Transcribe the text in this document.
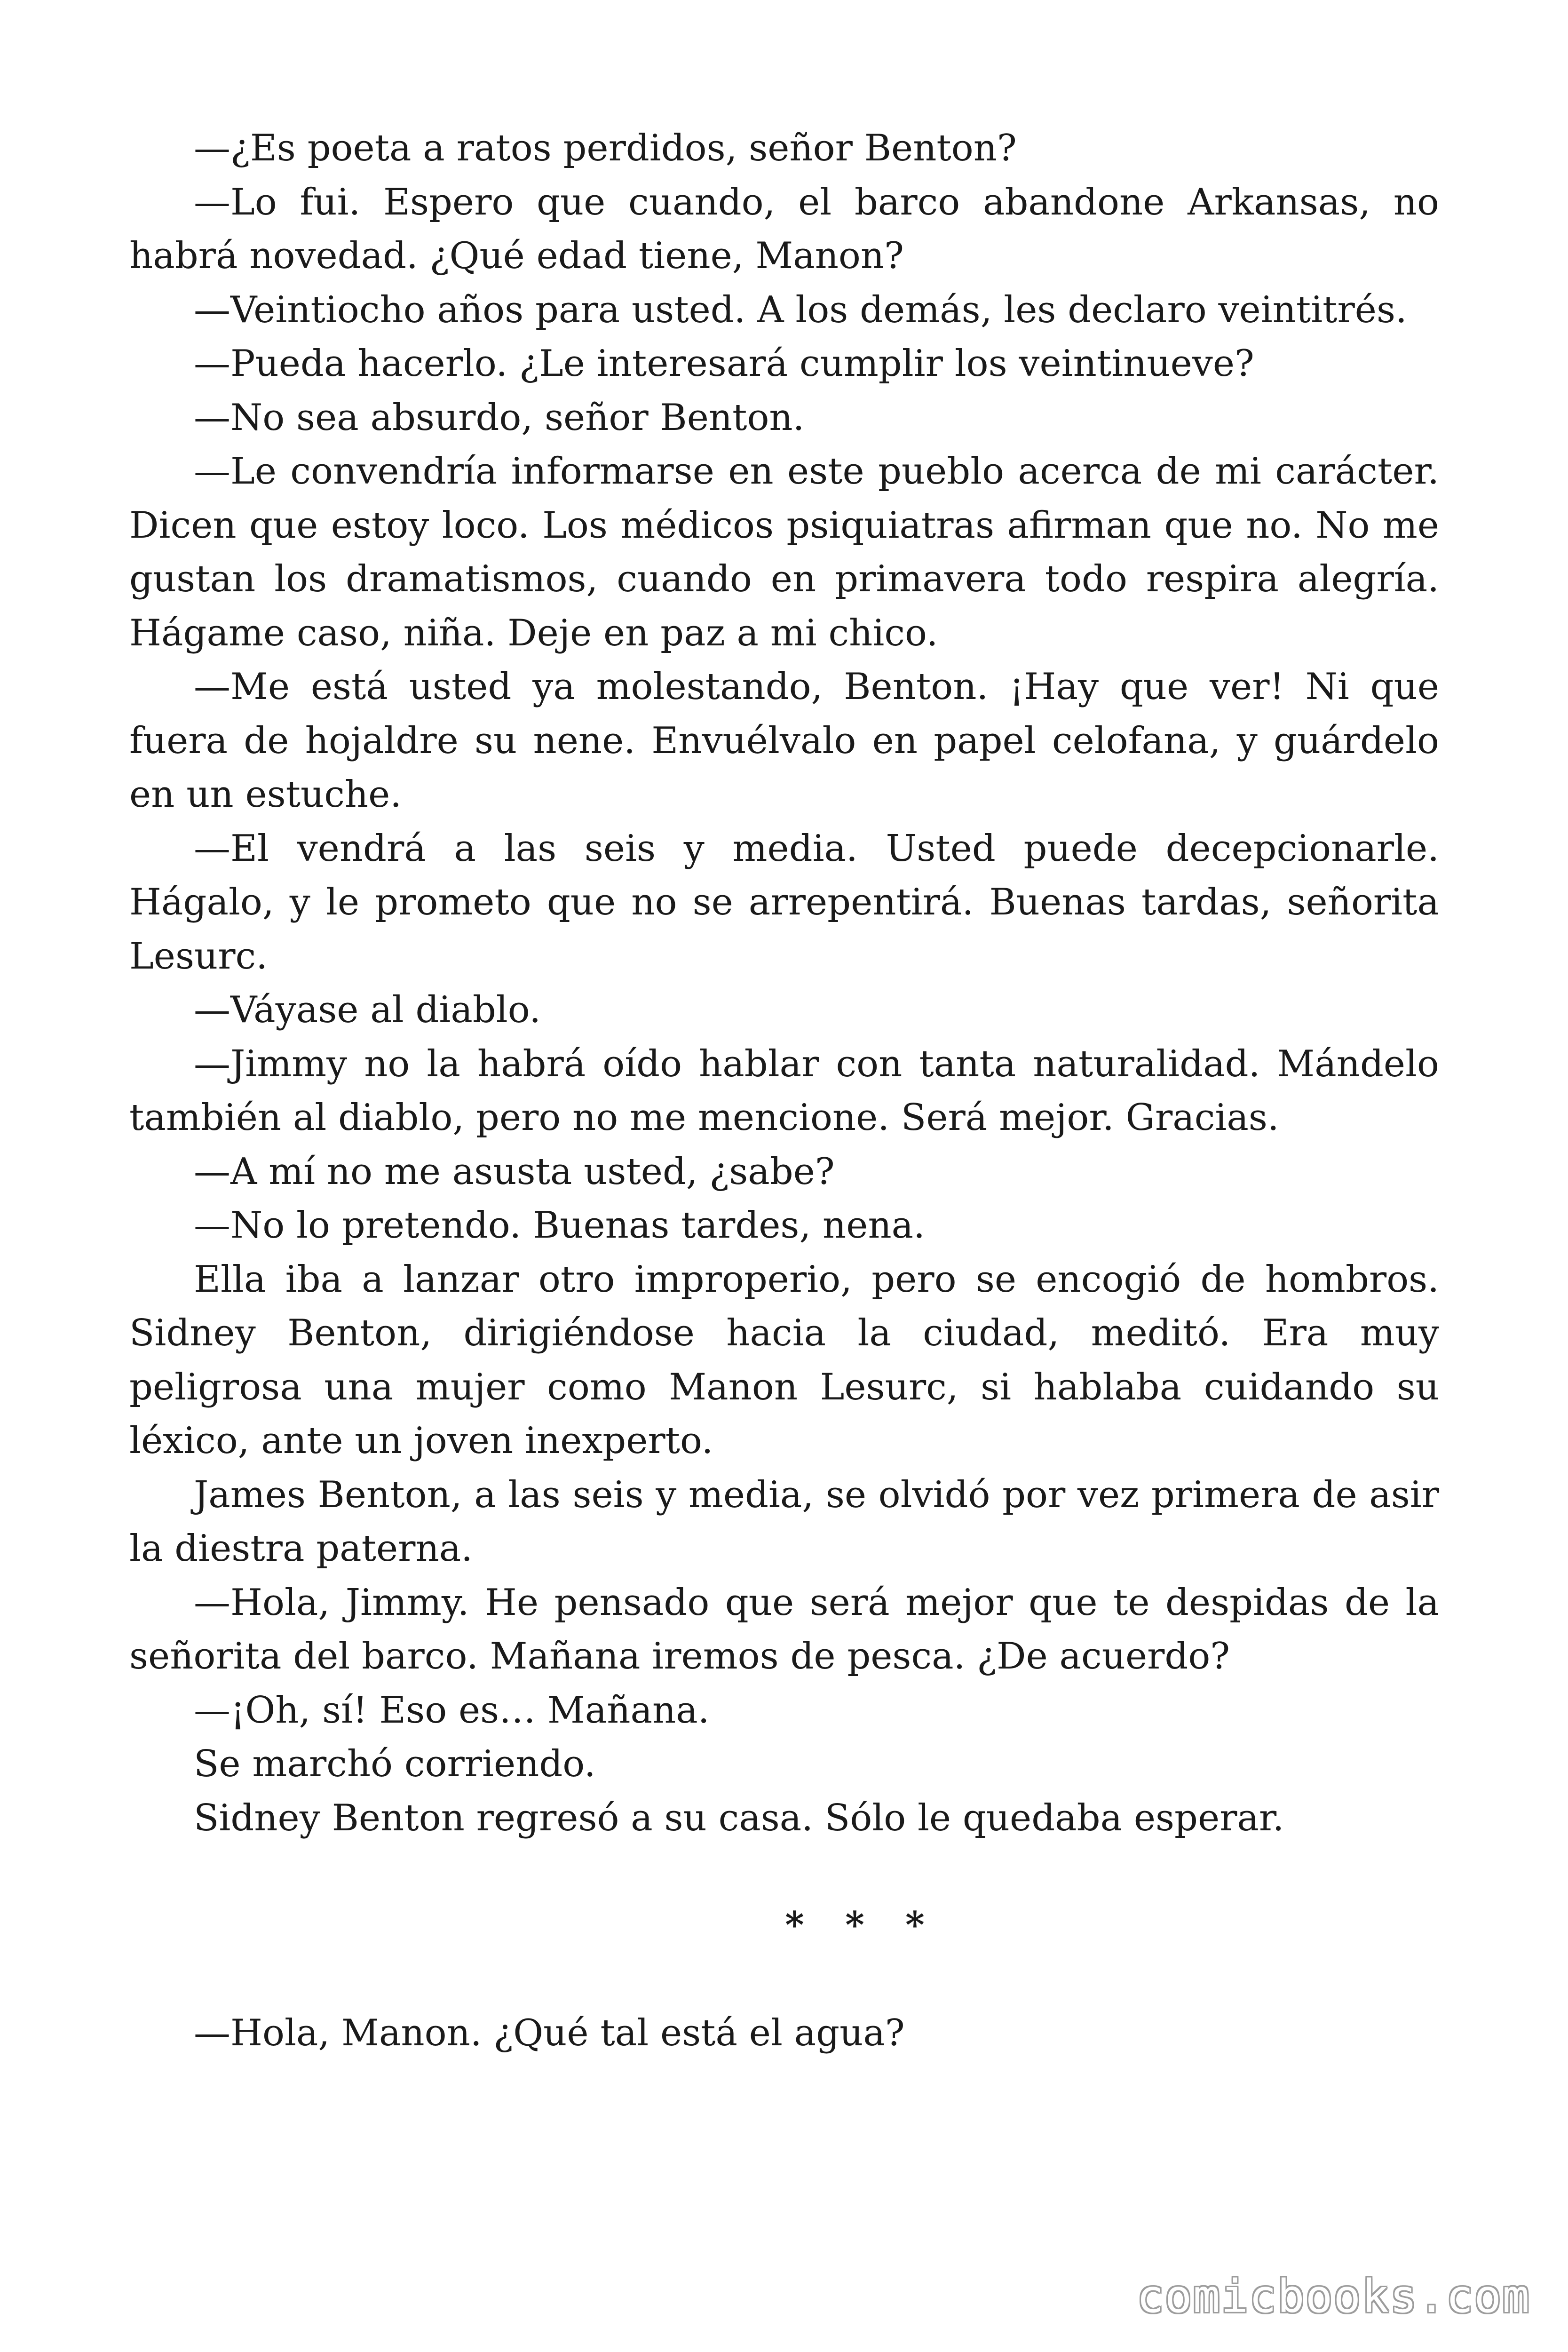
—¿Es poeta a ratos perdidos, señor Benton?

—Lo fui. Espero que cuando, el barco abandone Arkansas, no habrá novedad. ¿Qué edad tiene, Manon?

—Veintiocho años para usted. A los demás, les declaro veintitrés.

—Pueda hacerlo. ¿Le interesará cumplir los veintinueve?

—No sea absurdo, señor Benton.

—Le convendría informarse en este pueblo acerca de mi carácter. Dicen que estoy loco. Los médicos psiquiatras afirman que no. No me gustan los dramatismos, cuando en primavera todo respira alegría. Hágame caso, niña. Deje en paz a mi chico.

—Me está usted ya molestando, Benton. ¡Hay que ver! Ni que fuera de hojaldre su nene. Envuélvalo en papel celofana, y guárdelo en un estuche.

—El vendrá a las seis y media. Usted puede decepcionarle. Hágalo, y le prometo que no se arrepentirá. Buenas tardas, señorita Lesurc.

—Váyase al diablo.

—Jimmy no la habrá oído hablar con tanta naturalidad. Mándelo también al diablo, pero no me mencione. Será mejor. Gracias.

—A mí no me asusta usted, ¿sabe?

—No lo pretendo. Buenas tardes, nena.

Ella iba a lanzar otro improperio, pero se encogió de hombros. Sidney Benton, dirigiéndose hacia la ciudad, meditó. Era muy peligrosa una mujer como Manon Lesurc, si hablaba cuidando su léxico, ante un joven inexperto.

James Benton, a las seis y media, se olvidó por vez primera de asir la diestra paterna.

—Hola, Jimmy. He pensado que será mejor que te despidas de la señorita del barco. Mañana iremos de pesca. ¿De acuerdo?

—¡Oh, sí! Eso es… Mañana.

Se marchó corriendo.

Sidney Benton regresó a su casa. Sólo le quedaba esperar.

* * *

—Hola, Manon. ¿Qué tal está el agua?

comicbooks.com
